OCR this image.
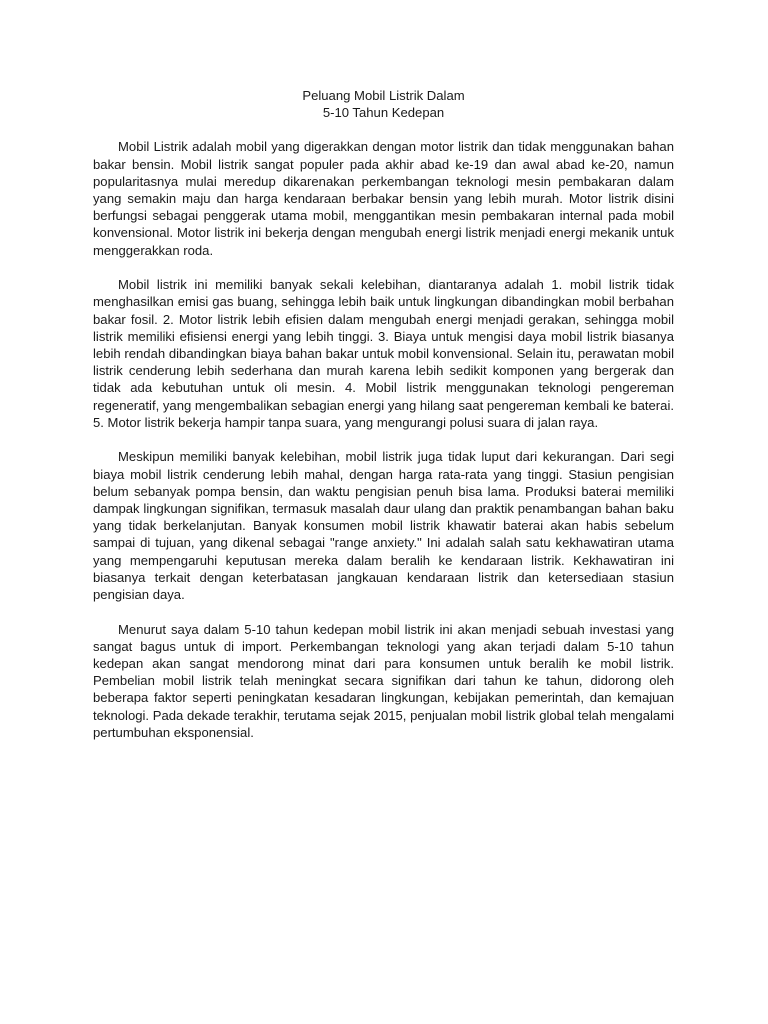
Peluang Mobil Listrik Dalam
5-10 Tahun Kedepan

Mobil Listrik adalah mobil yang digerakkan dengan motor listrik dan tidak menggunakan bahan bakar bensin. Mobil listrik sangat populer pada akhir abad ke-19 dan awal abad ke-20, namun popularitasnya mulai meredup dikarenakan perkembangan teknologi mesin pembakaran dalam yang semakin maju dan harga kendaraan berbakar bensin yang lebih murah. Motor listrik disini berfungsi sebagai penggerak utama mobil, menggantikan mesin pembakaran internal pada mobil konvensional. Motor listrik ini bekerja dengan mengubah energi listrik menjadi energi mekanik untuk menggerakkan roda.

Mobil listrik ini memiliki banyak sekali kelebihan, diantaranya adalah 1. mobil listrik tidak menghasilkan emisi gas buang, sehingga lebih baik untuk lingkungan dibandingkan mobil berbahan bakar fosil. 2. Motor listrik lebih efisien dalam mengubah energi menjadi gerakan, sehingga mobil listrik memiliki efisiensi energi yang lebih tinggi. 3. Biaya untuk mengisi daya mobil listrik biasanya lebih rendah dibandingkan biaya bahan bakar untuk mobil konvensional. Selain itu, perawatan mobil listrik cenderung lebih sederhana dan murah karena lebih sedikit komponen yang bergerak dan tidak ada kebutuhan untuk oli mesin. 4. Mobil listrik menggunakan teknologi pengereman regeneratif, yang mengembalikan sebagian energi yang hilang saat pengereman kembali ke baterai. 5. Motor listrik bekerja hampir tanpa suara, yang mengurangi polusi suara di jalan raya.

Meskipun memiliki banyak kelebihan, mobil listrik juga tidak luput dari kekurangan. Dari segi biaya mobil listrik cenderung lebih mahal, dengan harga rata-rata yang tinggi. Stasiun pengisian belum sebanyak pompa bensin, dan waktu pengisian penuh bisa lama. Produksi baterai memiliki dampak lingkungan signifikan, termasuk masalah daur ulang dan praktik penambangan bahan baku yang tidak berkelanjutan. Banyak konsumen mobil listrik khawatir baterai akan habis sebelum sampai di tujuan, yang dikenal sebagai "range anxiety." Ini adalah salah satu kekhawatiran utama yang mempengaruhi keputusan mereka dalam beralih ke kendaraan listrik. Kekhawatiran ini biasanya terkait dengan keterbatasan jangkauan kendaraan listrik dan ketersediaan stasiun pengisian daya.

Menurut saya dalam 5-10 tahun kedepan mobil listrik ini akan menjadi sebuah investasi yang sangat bagus untuk di import. Perkembangan teknologi yang akan terjadi dalam 5-10 tahun kedepan akan sangat mendorong minat dari para konsumen untuk beralih ke mobil listrik. Pembelian mobil listrik telah meningkat secara signifikan dari tahun ke tahun, didorong oleh beberapa faktor seperti peningkatan kesadaran lingkungan, kebijakan pemerintah, dan kemajuan teknologi. Pada dekade terakhir, terutama sejak 2015, penjualan mobil listrik global telah mengalami pertumbuhan eksponensial.
